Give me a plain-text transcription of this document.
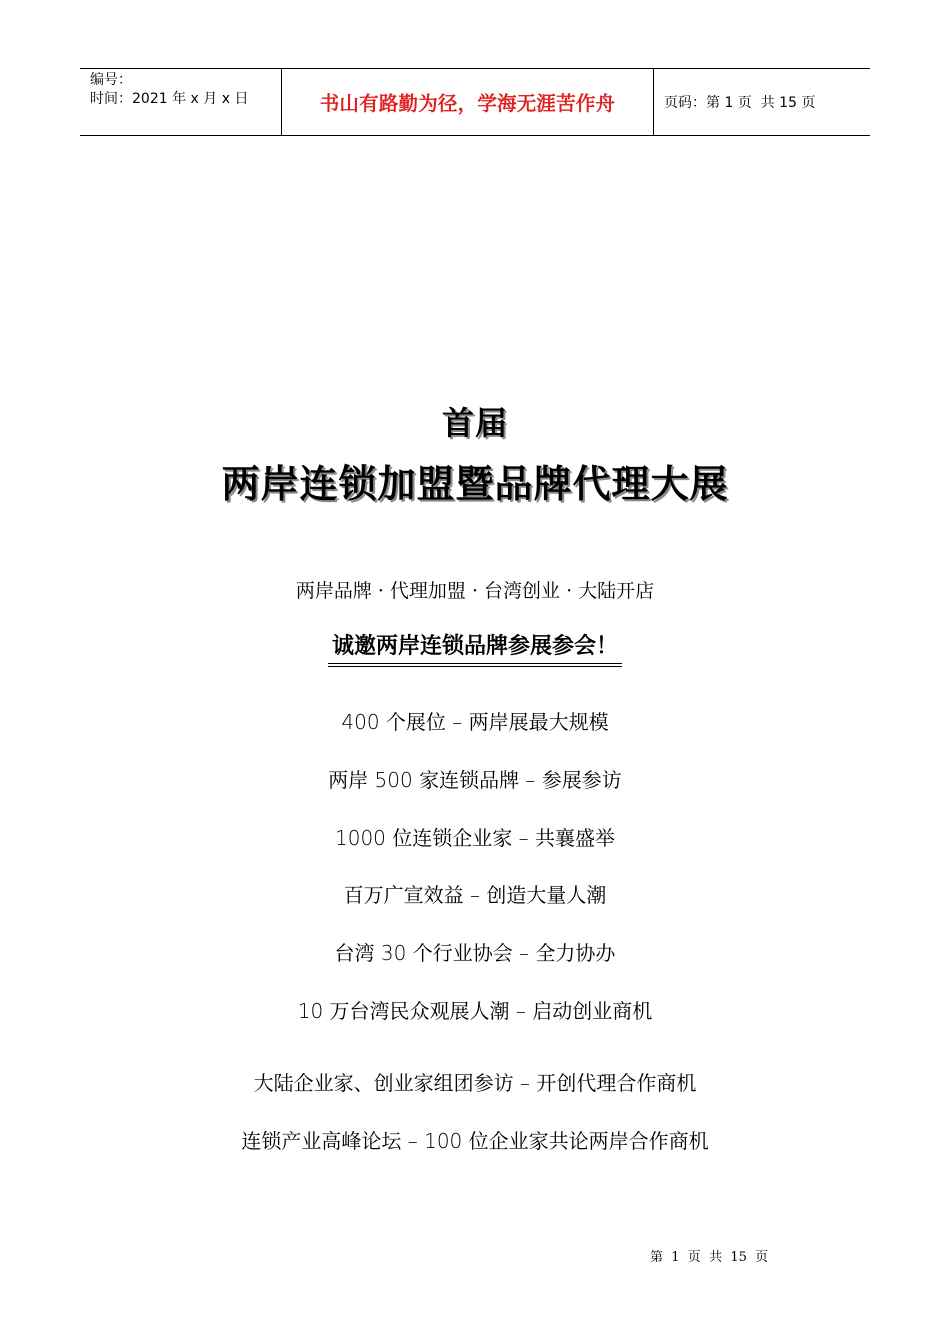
编号：
时间：2021 年 x 月 x 日	书山有路勤为径，学海无涯苦作舟	页码：第 1 页  共 15 页
首届
两岸连锁加盟暨品牌代理大展
两岸品牌 · 代理加盟 · 台湾创业 · 大陆开店
诚邀两岸连锁品牌参展参会！
400 个展位 – 两岸展最大规模
两岸 500 家连锁品牌 – 参展参访
1000 位连锁企业家 – 共襄盛举
百万广宣效益 – 创造大量人潮
台湾 30 个行业协会 – 全力协办
10 万台湾民众观展人潮 – 启动创业商机
大陆企业家、创业家组团参访 – 开创代理合作商机
连锁产业高峰论坛 – 100 位企业家共论两岸合作商机
第  1  页  共  15  页
